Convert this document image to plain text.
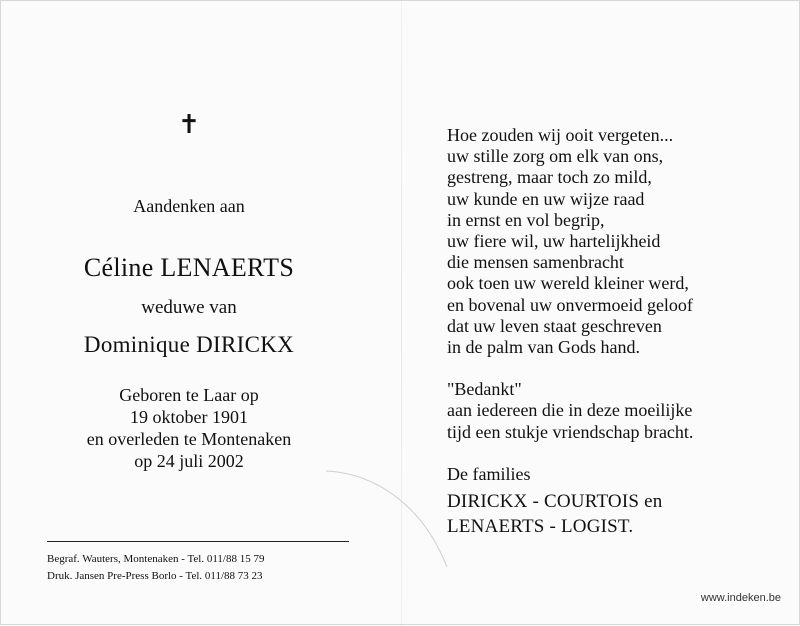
✝
Aandenken aan
Céline LENAERTS
weduwe van
Dominique DIRICKX
Geboren te Laar op
19 oktober 1901
en overleden te Montenaken
op 24 juli 2002
Begraf. Wauters, Montenaken - Tel. 011/88 15 79
Druk. Jansen Pre-Press Borlo - Tel. 011/88 73 23
Hoe zouden wij ooit vergeten...
uw stille zorg om elk van ons,
gestreng, maar toch zo mild,
uw kunde en uw wijze raad
in ernst en vol begrip,
uw fiere wil, uw hartelijkheid
die mensen samenbracht
ook toen uw wereld kleiner werd,
en bovenal uw onvermoeid geloof
dat uw leven staat geschreven
in de palm van Gods hand.
"Bedankt"
aan iedereen die in deze moeilijke
tijd een stukje vriendschap bracht.
De families
DIRICKX - COURTOIS en
LENAERTS - LOGIST.
www.indeken.be
